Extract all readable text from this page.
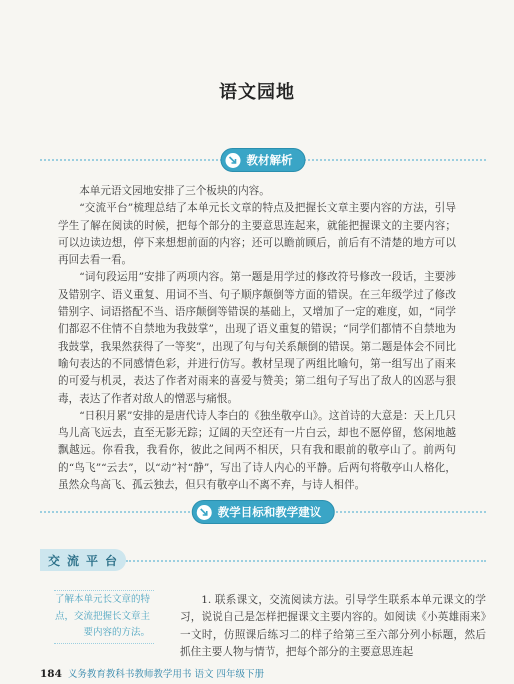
语文园地
教材解析

本单元语文园地安排了三个板块的内容。

“交流平台”梳理总结了本单元长文章的特点及把握长文章主要内容的方法，引导学生了解在阅读的时候，把每个部分的主要意思连起来，就能把握课文的主要内容；可以边读边想，停下来想想前面的内容；还可以瞻前顾后，前后有不清楚的地方可以再回去看一看。

“词句段运用”安排了两项内容。第一题是用学过的修改符号修改一段话，主要涉及错别字、语义重复、用词不当、句子顺序颠倒等方面的错误。在三年级学过了修改错别字、词语搭配不当、语序颠倒等错误的基础上，又增加了一定的难度，如，“同学们都忍不住情不自禁地为我鼓掌”，出现了语义重复的错误；“同学们都情不自禁地为我鼓掌，我果然获得了一等奖”，出现了句与句关系颠倒的错误。第二题是体会不同比喻句表达的不同感情色彩，并进行仿写。教材呈现了两组比喻句，第一组写出了雨来的可爱与机灵，表达了作者对雨来的喜爱与赞美；第二组句子写出了敌人的凶恶与狠毒，表达了作者对敌人的憎恶与痛恨。

“日积月累”安排的是唐代诗人李白的《独坐敬亭山》。这首诗的大意是：天上几只鸟儿高飞远去，直至无影无踪；辽阔的天空还有一片白云，却也不愿停留，悠闲地越飘越远。你看我，我看你，彼此之间两不相厌，只有我和眼前的敬亭山了。前两句的“鸟飞”“云去”，以“动”衬“静”，写出了诗人内心的平静。后两句将敬亭山人格化，虽然众鸟高飞、孤云独去，但只有敬亭山不离不弃，与诗人相伴。

教学目标和教学建议
交流平台
了解本单元长文章的特点，交流把握长文章主要内容的方法。

1. 联系课文，交流阅读方法。引导学生联系本单元课文的学习，说说自己是怎样把握课文主要内容的。如阅读《小英雄雨来》一文时，仿照课后练习二的样子给第三至六部分列小标题，然后抓住主要人物与情节，把每个部分的主要意思连起

184 义务教育教科书教师教学用书 语文 四年级下册
